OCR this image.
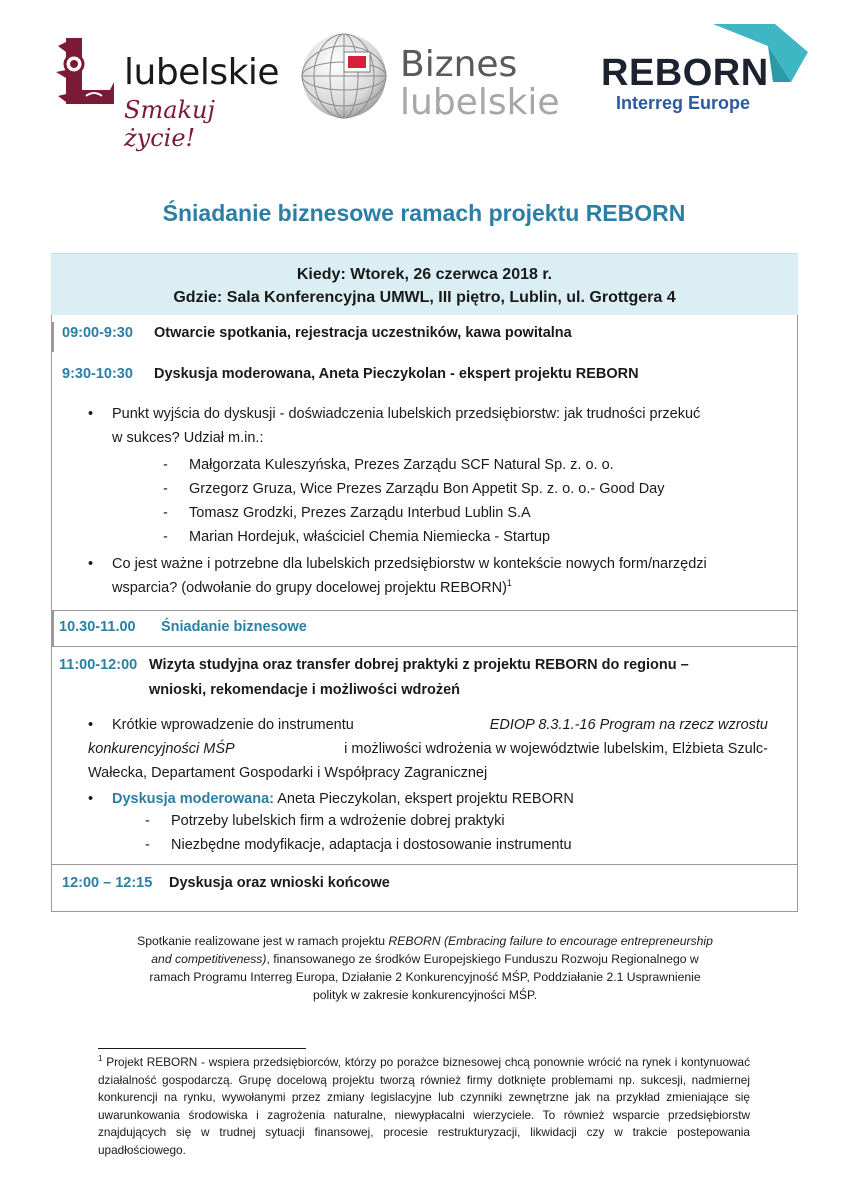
lubelskie
Smakuj życie!
Biznes
lubelskie
REBORN
Interreg Europe
Śniadanie biznesowe ramach projektu REBORN
Kiedy: Wtorek, 26 czerwca 2018 r.
Gdzie: Sala Konferencyjna UMWL, III piętro, Lublin, ul. Grottgera 4
09:00-9:30 Otwarcie spotkania, rejestracja uczestników, kawa powitalna
9:30-10:30 Dyskusja moderowana, Aneta Pieczykolan - ekspert projektu REBORN
• Punkt wyjścia do dyskusji - doświadczenia lubelskich przedsiębiorstw: jak trudności przekuć
w sukces? Udział m.in.:
- Małgorzata Kuleszyńska, Prezes Zarządu SCF Natural Sp. z. o. o.
- Grzegorz Gruza, Wice Prezes Zarządu Bon Appetit Sp. z. o. o.- Good Day
- Tomasz Grodzki, Prezes Zarządu Interbud Lublin S.A
- Marian Hordejuk, właściciel Chemia Niemiecka - Startup
• Co jest ważne i potrzebne dla lubelskich przedsiębiorstw w kontekście nowych form/narzędzi
wsparcia? (odwołanie do grupy docelowej projektu REBORN)$^1$
10.30-11.00 Śniadanie biznesowe
11:00-12:00 Wizyta studyjna oraz transfer dobrej praktyki z projektu REBORN do regionu –
wnioski, rekomendacje i możliwości wdrożeń
• Krótkie wprowadzenie do instrumentu	EDIOP 8.3.1.-16 Program na rzecz wzrostu
konkurencyjności MŚP	i możliwości wdrożenia w województwie lubelskim, Elżbieta Szulc-
Wałecka, Departament Gospodarki i Współpracy Zagranicznej
• Dyskusja moderowana: Aneta Pieczykolan, ekspert projektu REBORN
- Potrzeby lubelskich firm a wdrożenie dobrej praktyki
- Niezbędne modyfikacje, adaptacja i dostosowanie instrumentu
12:00 – 12:15 Dyskusja oraz wnioski końcowe
Spotkanie realizowane jest w ramach projektu REBORN (Embracing failure to encourage entrepreneurship
and competitiveness), finansowanego ze środków Europejskiego Funduszu Rozwoju Regionalnego w
ramach Programu Interreg Europa, Działanie 2 Konkurencyjność MŚP, Poddziałanie 2.1 Usprawnienie
polityk w zakresie konkurencyjności MŚP.
$^1$ Projekt REBORN - wspiera przedsiębiorców, którzy po porażce biznesowej chcą ponownie wrócić na rynek i kontynuować działalność gospodarczą. Grupę docelową projektu tworzą również firmy dotknięte problemami np. sukcesji, nadmiernej konkurencji na rynku, wywołanymi przez zmiany legislacyjne lub czynniki zewnętrzne jak na przykład zmieniające się uwarunkowania środowiska i zagrożenia naturalne, niewypłacalni wierzyciele. To również wsparcie przedsiębiorstw znajdujących się w trudnej sytuacji finansowej, procesie restrukturyzacji, likwidacji czy w trakcie postepowania upadłościowego.
